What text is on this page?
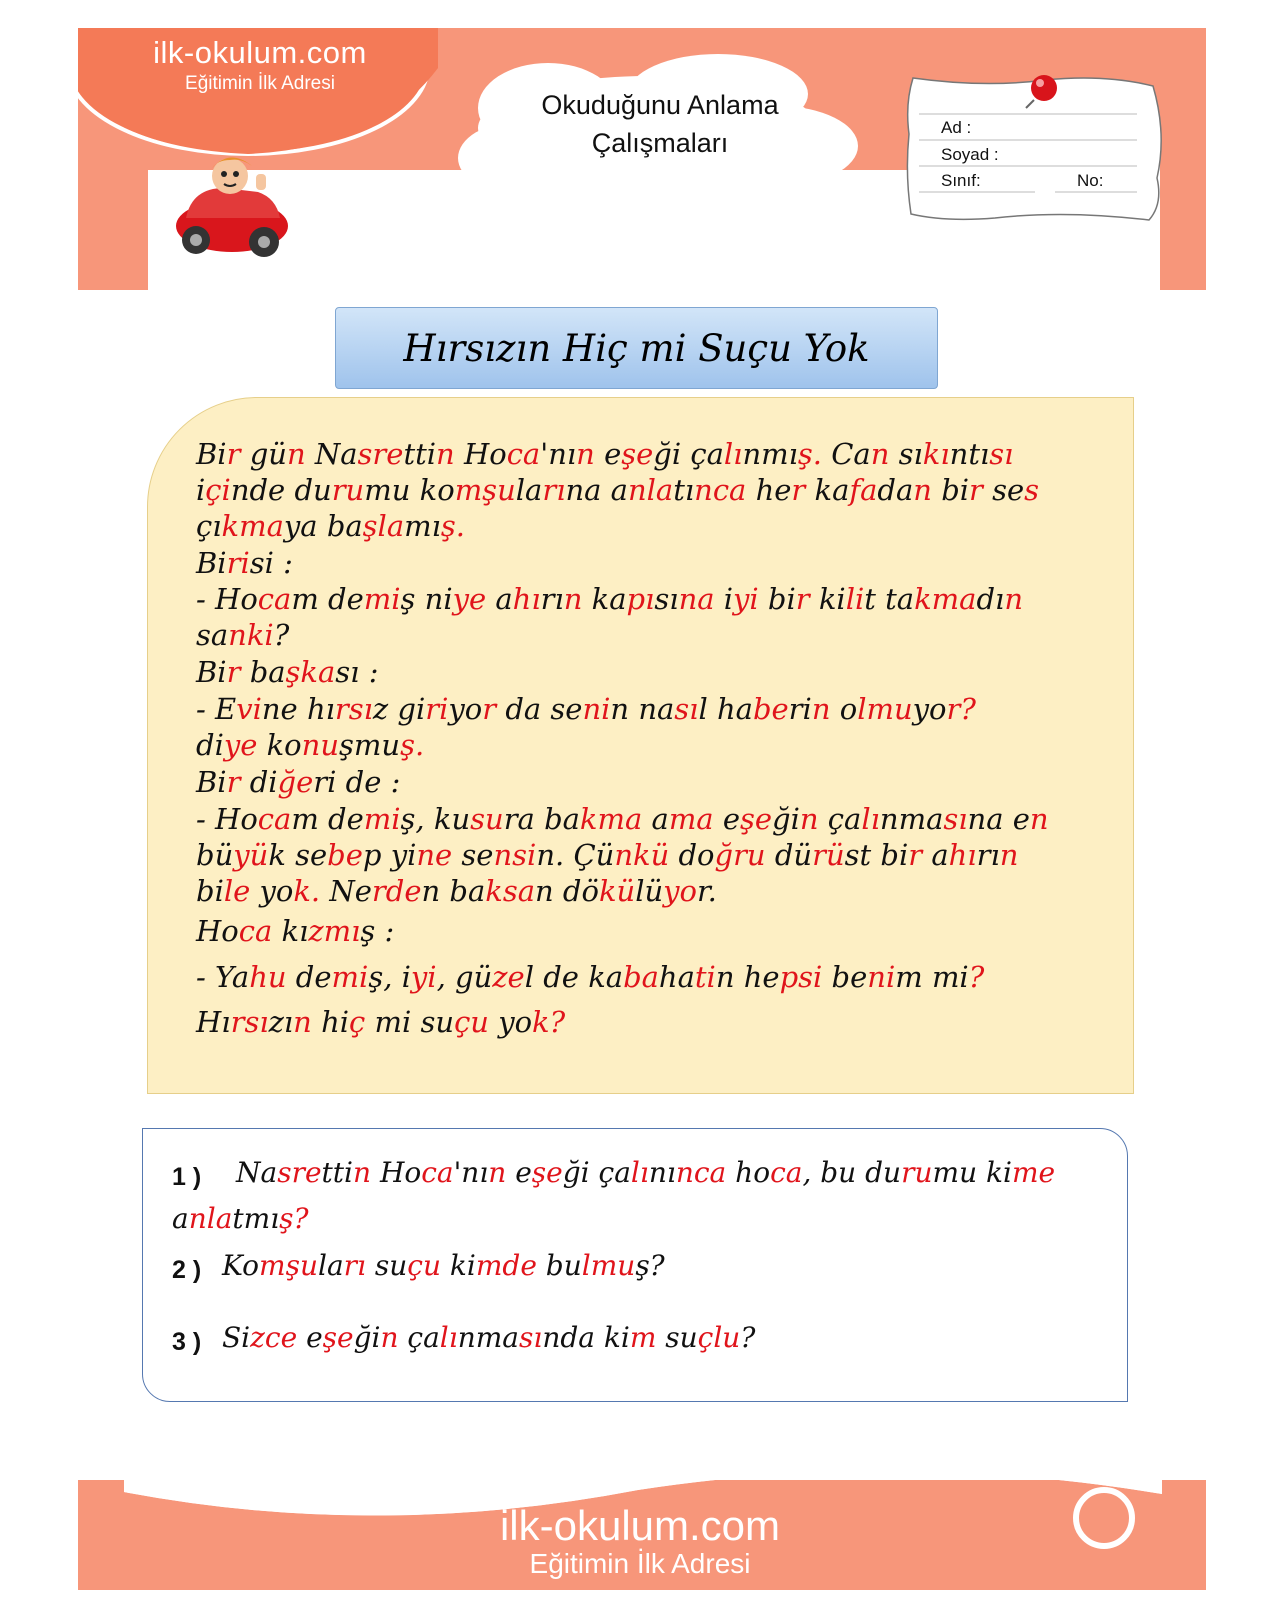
ilk-okulum.com
Eğitimin İlk Adresi
Okuduğunu Anlama
Çalışmaları
Ad :
Soyad :
Sınıf:	No:
Hırsızın Hiç mi Suçu Yok
Bir gün Nasrettin Hoca'nın eşeği çalınmış. Can sıkıntısı
içinde durumu komşularına anlatınca her kafadan bir ses
çıkmaya başlamış.
Birisi :
- Hocam demiş niye ahırın kapısına iyi bir kilit takmadın
sanki?
Bir başkası :
- Evine hırsız giriyor da senin nasıl haberin olmuyor?
diye konuşmuş.
Bir diğeri de :
- Hocam demiş, kusura bakma ama eşeğin çalınmasına en
büyük sebep yine sensin. Çünkü doğru dürüst bir ahırın
bile yok. Nerden baksan dökülüyor.
Hoca kızmış :
- Yahu demiş, iyi, güzel de kabahatin hepsi benim mi?
Hırsızın hiç mi suçu yok?
1 ) Nasrettin Hoca'nın eşeği çalınınca hoca, bu durumu kime
anlatmış?
2 ) Komşuları suçu kimde bulmuş?
3 ) Sizce eşeğin çalınmasında kim suçlu?
ilk-okulum.com
Eğitimin İlk Adresi
